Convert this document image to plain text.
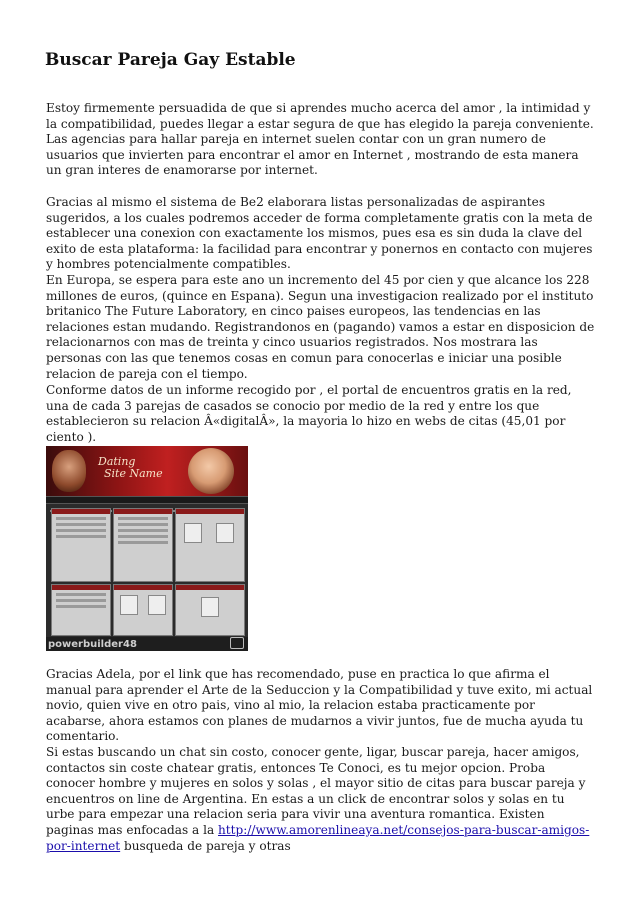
Buscar Pareja Gay Estable

Estoy firmemente persuadida de que si aprendes mucho acerca del amor , la intimidad y la compatibilidad, puedes llegar a estar segura de que has elegido la pareja conveniente. Las agencias para hallar pareja en internet suelen contar con un gran numero de usuarios que invierten para encontrar el amor en Internet , mostrando de esta manera un gran interes de enamorarse por internet.

Gracias al mismo el sistema de Be2 elaborara listas personalizadas de aspirantes sugeridos, a los cuales podremos acceder de forma completamente gratis con la meta de establecer una conexion con exactamente los mismos, pues esa es sin duda la clave del exito de esta plataforma: la facilidad para encontrar y ponernos en contacto con mujeres y hombres potencialmente compatibles.

En Europa, se espera para este ano un incremento del 45 por cien y que alcance los 228 millones de euros, (quince en Espana). Segun una investigacion realizado por el instituto britanico The Future Laboratory, en cinco paises europeos, las tendencias en las relaciones estan mudando. Registrandonos en (pagando) vamos a estar en disposicion de relacionarnos con mas de treinta y cinco usuarios registrados. Nos mostrara las personas con las que tenemos cosas en comun para conocerlas e iniciar una posible relacion de pareja con el tiempo.

Conforme datos de un informe recogido por , el portal de encuentros gratis en la red, una de cada 3 parejas de casados se conocio por medio de la red y entre los que establecieron su relacion Â«digitalÂ», la mayoria lo hizo en webs de citas (45,01 por ciento ).

Dating
Site Name
powerbuilder48

Gracias Adela, por el link que has recomendado, puse en practica lo que afirma el manual para aprender el Arte de la Seduccion y la Compatibilidad y tuve exito, mi actual novio, quien vive en otro pais, vino al mio, la relacion estaba practicamente por acabarse, ahora estamos con planes de mudarnos a vivir juntos, fue de mucha ayuda tu comentario.

Si estas buscando un chat sin costo, conocer gente, ligar, buscar pareja, hacer amigos, contactos sin coste chatear gratis, entonces Te Conoci, es tu mejor opcion. Proba conocer hombre y mujeres en solos y solas , el mayor sitio de citas para buscar pareja y encuentros on line de Argentina. En estas a un click de encontrar solos y solas en tu urbe para empezar una relacion seria para vivir una aventura romantica. Existen paginas mas enfocadas a la http://www.amorenlineaya.net/consejos-para-buscar-amigos-por-internet busqueda de pareja y otras
